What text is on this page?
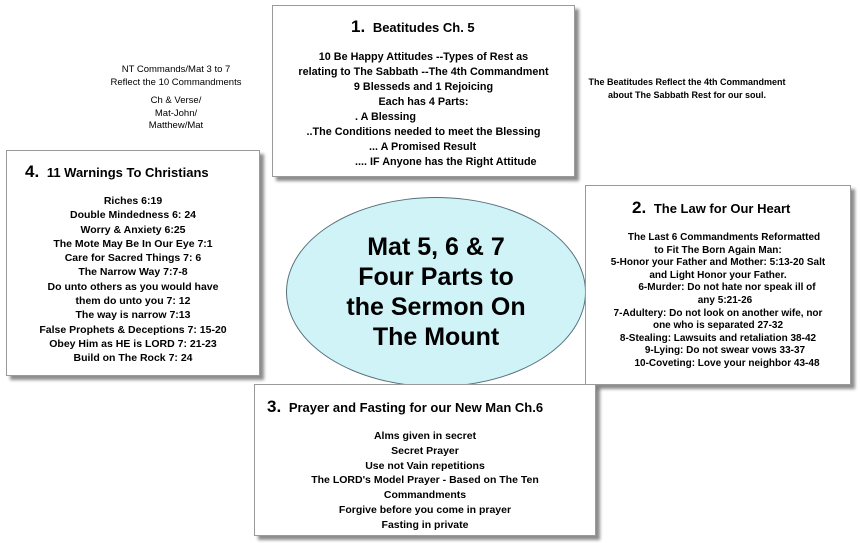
NT Commands/Mat 3 to 7
Reflect the 10 Commandments
Ch & Verse/
Mat-John/
Matthew/Mat
The Beatitudes Reflect the 4th Commandment
about The Sabbath Rest for our soul.
1. Beatitudes Ch. 5
10 Be Happy Attitudes --Types of Rest as
relating to The Sabbath --The 4th Commandment
9 Blesseds and 1 Rejoicing
Each has 4 Parts:
. A Blessing
..The Conditions needed to meet the Blessing
... A Promised Result
.... IF Anyone has the Right Attitude
4. 11 Warnings To Christians
Riches 6:19
Double Mindedness 6: 24
Worry & Anxiety 6:25
The Mote May Be In Our Eye 7:1
Care for Sacred Things 7: 6
The Narrow Way 7:7-8
Do unto others as you would have
them do unto you 7: 12
The way is narrow 7:13
False Prophets & Deceptions 7: 15-20
Obey Him as HE is LORD 7: 21-23
Build on The Rock 7: 24
Mat 5, 6 & 7
Four Parts to
the Sermon On
The Mount
2. The Law for Our Heart
The Last 6 Commandments Reformatted
to Fit The Born Again Man:
5-Honor your Father and Mother: 5:13-20 Salt
and Light Honor your Father.
6-Murder: Do not hate nor speak ill of
any 5:21-26
7-Adultery: Do not look on another wife, nor
one who is separated 27-32
8-Stealing: Lawsuits and retaliation 38-42
9-Lying: Do not swear vows 33-37
10-Coveting: Love your neighbor 43-48
3. Prayer and Fasting for our New Man Ch.6
Alms given in secret
Secret Prayer
Use not Vain repetitions
The LORD's Model Prayer - Based on The Ten
Commandments
Forgive before you come in prayer
Fasting in private
